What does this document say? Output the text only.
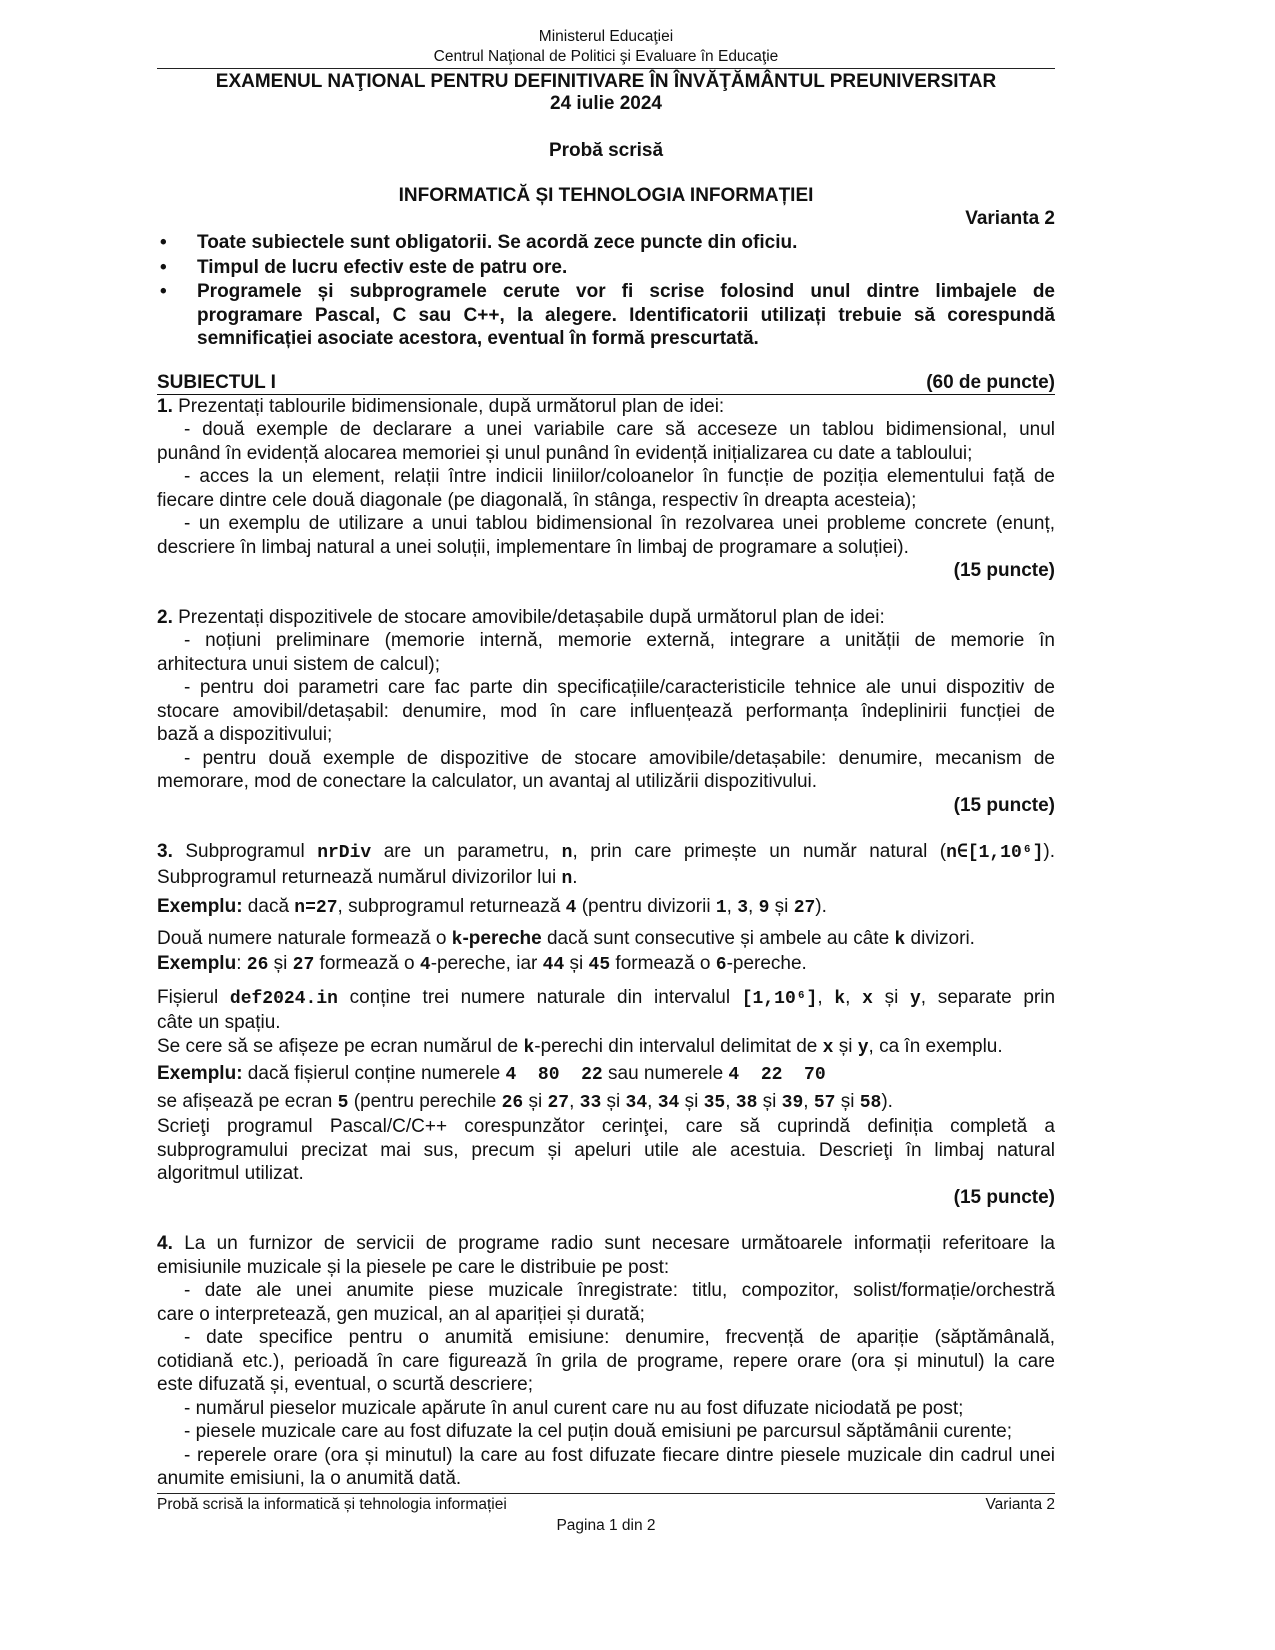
Ministerul Educaţiei
Centrul Naţional de Politici şi Evaluare în Educaţie
EXAMENUL NAŢIONAL PENTRU DEFINITIVARE ÎN ÎNVĂŢĂMÂNTUL PREUNIVERSITAR
24 iulie 2024
Probă scrisă
INFORMATICĂ ȘI TEHNOLOGIA INFORMAȚIEI
Varianta 2
• Toate subiectele sunt obligatorii. Se acordă zece puncte din oficiu.
• Timpul de lucru efectiv este de patru ore.
• Programele și subprogramele cerute vor fi scrise folosind unul dintre limbajele de
programare Pascal, C sau C++, la alegere. Identificatorii utilizați trebuie să corespundă
semnificației asociate acestora, eventual în formă prescurtată.
SUBIECTUL I	(60 de puncte)
1. Prezentați tablourile bidimensionale, după următorul plan de idei:
- două exemple de declarare a unei variabile care să acceseze un tablou bidimensional, unul
punând în evidență alocarea memoriei și unul punând în evidență inițializarea cu date a tabloului;
- acces la un element, relații între indicii liniilor/coloanelor în funcție de poziția elementului față de
fiecare dintre cele două diagonale (pe diagonală, în stânga, respectiv în dreapta acesteia);
- un exemplu de utilizare a unui tablou bidimensional în rezolvarea unei probleme concrete (enunț,
descriere în limbaj natural a unei soluții, implementare în limbaj de programare a soluției).
(15 puncte)
2. Prezentați dispozitivele de stocare amovibile/detașabile după următorul plan de idei:
- noțiuni preliminare (memorie internă, memorie externă, integrare a unității de memorie în
arhitectura unui sistem de calcul);
- pentru doi parametri care fac parte din specificațiile/caracteristicile tehnice ale unui dispozitiv de
stocare amovibil/detașabil: denumire, mod în care influențează performanța îndeplinirii funcției de
bază a dispozitivului;
- pentru două exemple de dispozitive de stocare amovibile/detașabile: denumire, mecanism de
memorare, mod de conectare la calculator, un avantaj al utilizării dispozitivului.
(15 puncte)
3. Subprogramul nrDiv are un parametru, n, prin care primește un număr natural (n∈[1,10⁶]).
Subprogramul returnează numărul divizorilor lui n.
Exemplu: dacă n=27, subprogramul returnează 4 (pentru divizorii 1, 3, 9 și 27).
Două numere naturale formează o k-pereche dacă sunt consecutive și ambele au câte k divizori.
Exemplu: 26 și 27 formează o 4-pereche, iar 44 și 45 formează o 6-pereche.
Fișierul def2024.in conține trei numere naturale din intervalul [1,10⁶], k, x și y, separate prin
câte un spațiu.
Se cere să se afișeze pe ecran numărul de k-perechi din intervalul delimitat de x și y, ca în exemplu.
Exemplu: dacă fișierul conține numerele 4  80  22 sau numerele 4  22  70
se afișează pe ecran 5 (pentru perechile 26 și 27, 33 și 34, 34 și 35, 38 și 39, 57 și 58).
Scrieţi programul Pascal/C/C++ corespunzător cerinţei, care să cuprindă definiția completă a
subprogramului precizat mai sus, precum și apeluri utile ale acestuia. Descrieţi în limbaj natural
algoritmul utilizat.
(15 puncte)
4. La un furnizor de servicii de programe radio sunt necesare următoarele informații referitoare la
emisiunile muzicale și la piesele pe care le distribuie pe post:
- date ale unei anumite piese muzicale înregistrate: titlu, compozitor, solist/formație/orchestră
care o interpretează, gen muzical, an al apariției și durată;
- date specifice pentru o anumită emisiune: denumire, frecvență de apariție (săptămânală,
cotidiană etc.), perioadă în care figurează în grila de programe, repere orare (ora și minutul) la care
este difuzată și, eventual, o scurtă descriere;
- numărul pieselor muzicale apărute în anul curent care nu au fost difuzate niciodată pe post;
- piesele muzicale care au fost difuzate la cel puțin două emisiuni pe parcursul săptămânii curente;
- reperele orare (ora și minutul) la care au fost difuzate fiecare dintre piesele muzicale din cadrul unei
anumite emisiuni, la o anumită dată.
Probă scrisă la informatică și tehnologia informației	Varianta 2
Pagina 1 din 2
